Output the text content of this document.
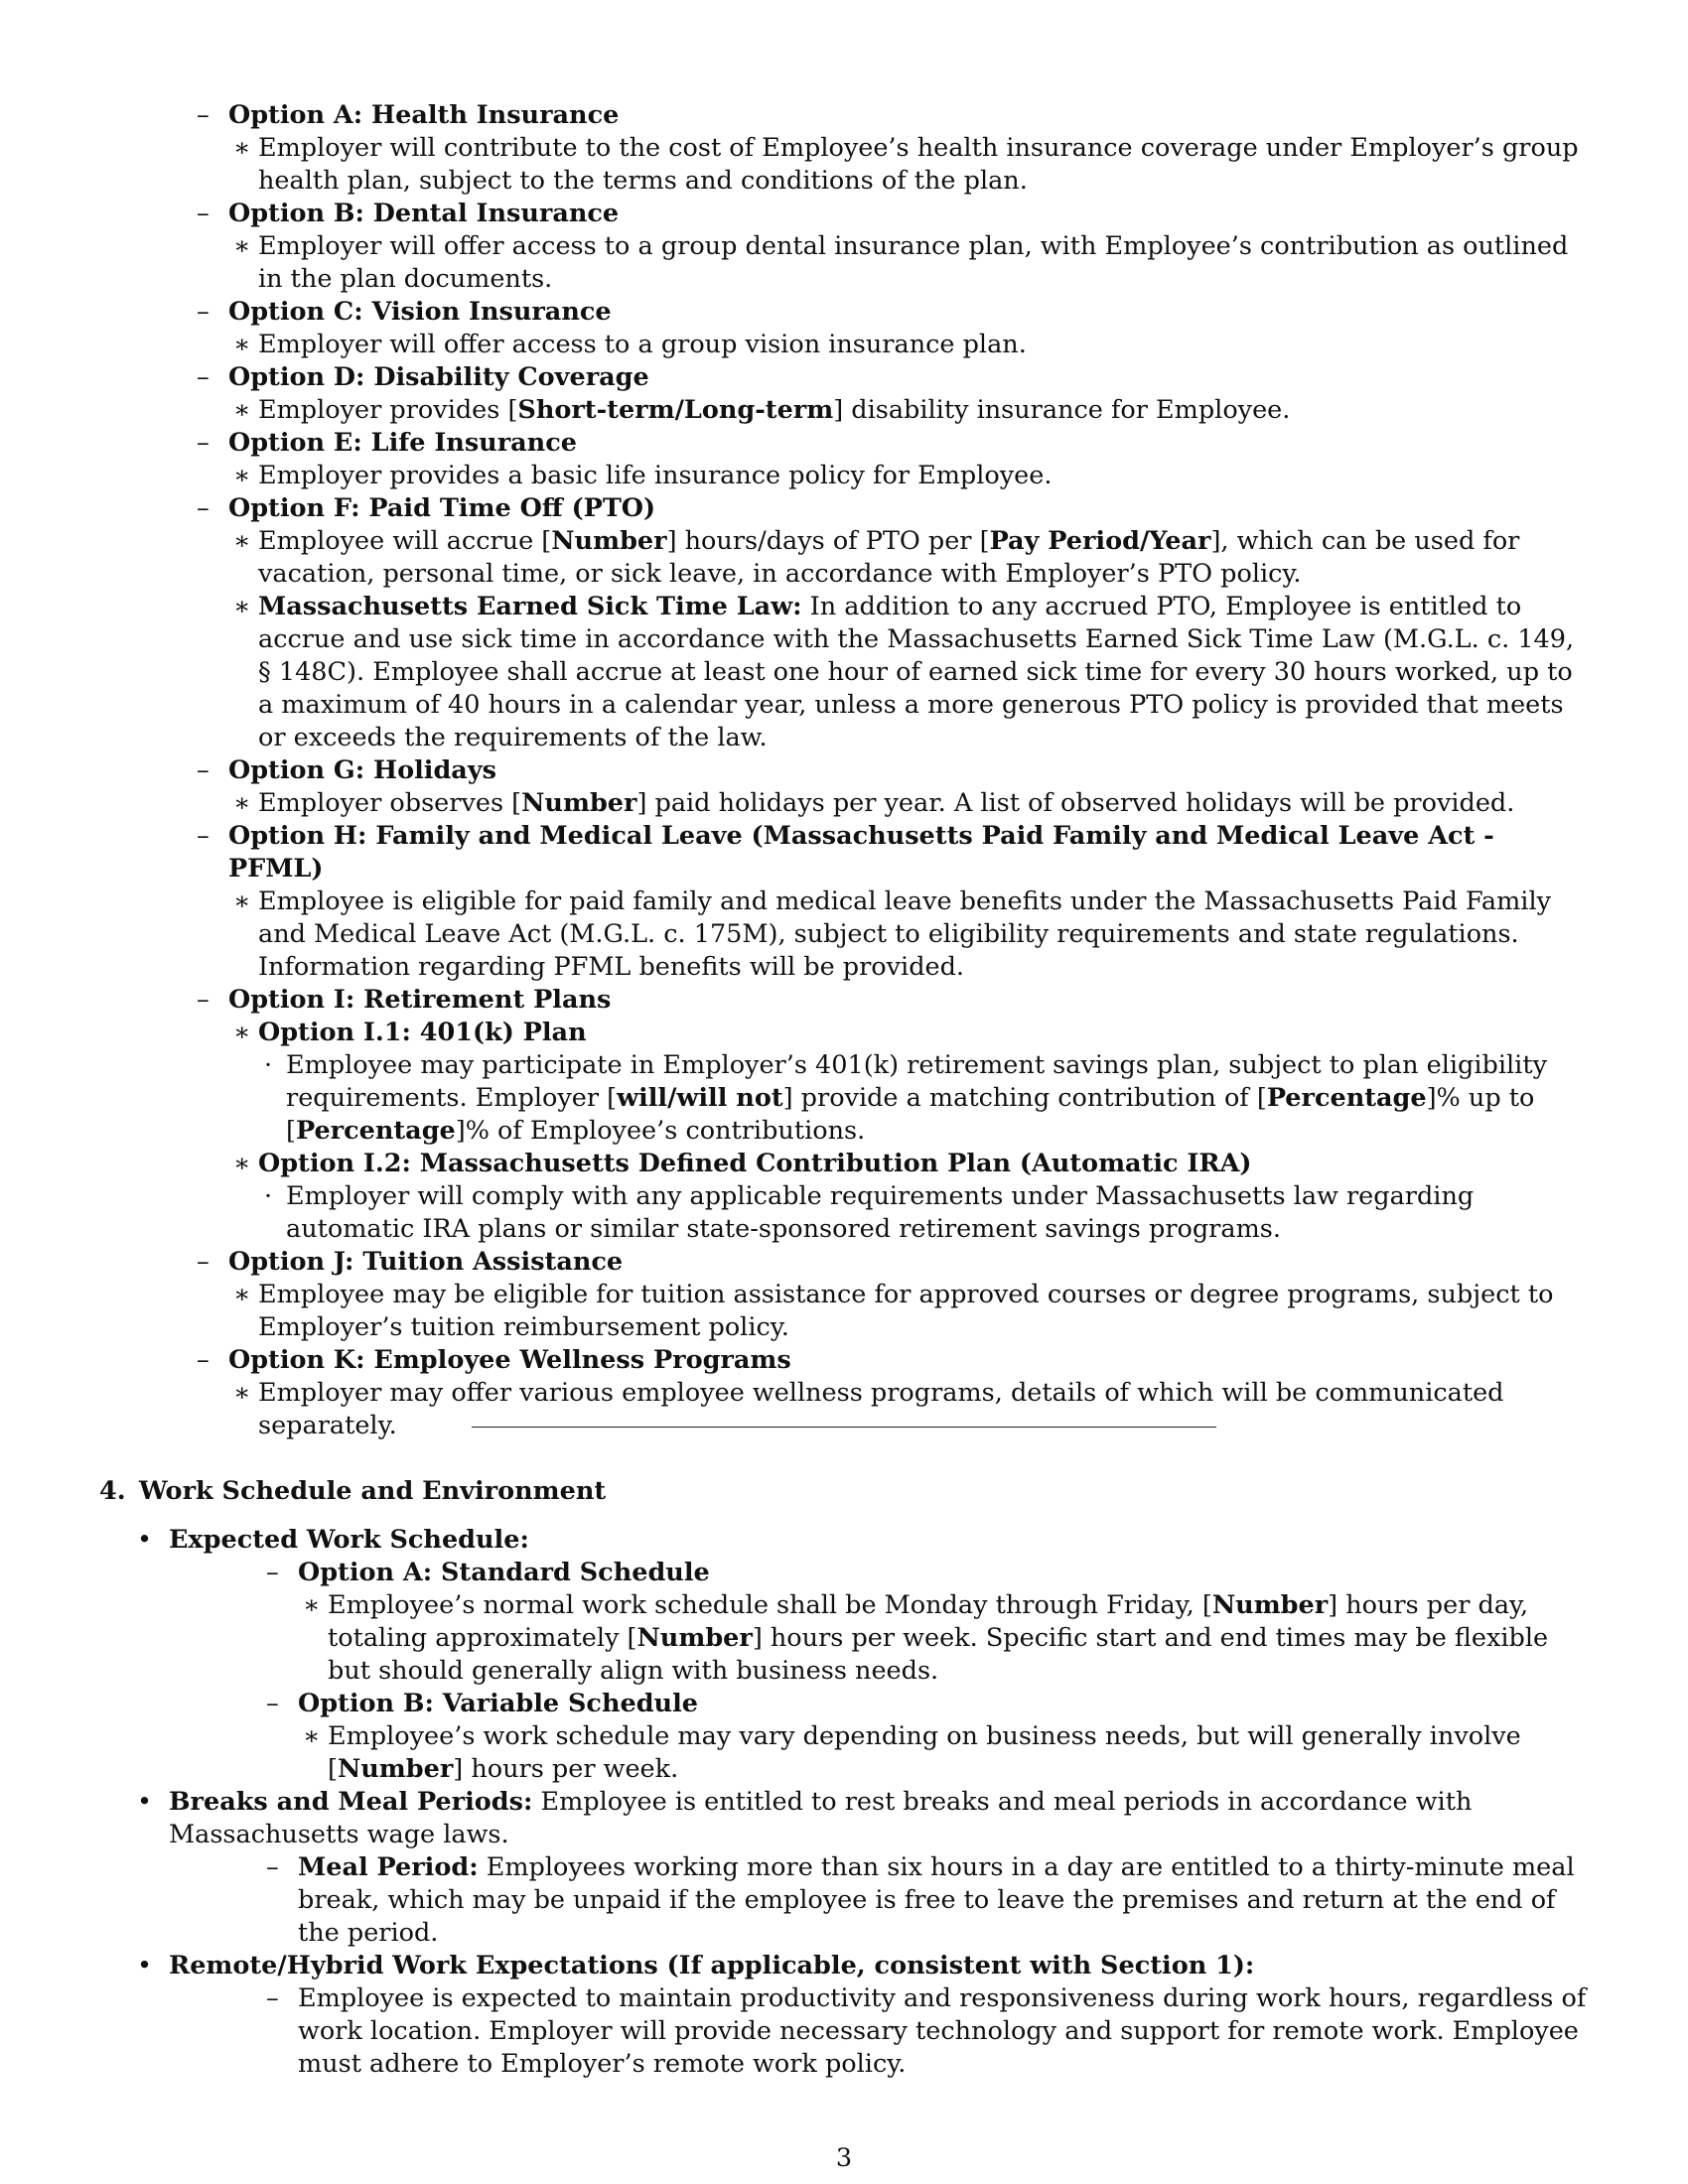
– Option A: Health Insurance
∗ Employer will contribute to the cost of Employee’s health insurance coverage under Employer’s group health plan, subject to the terms and conditions of the plan.
– Option B: Dental Insurance
∗ Employer will offer access to a group dental insurance plan, with Employee’s contribution as outlined in the plan documents.
– Option C: Vision Insurance
∗ Employer will offer access to a group vision insurance plan.
– Option D: Disability Coverage
∗ Employer provides [Short-term/Long-term] disability insurance for Employee.
– Option E: Life Insurance
∗ Employer provides a basic life insurance policy for Employee.
– Option F: Paid Time Off (PTO)
∗ Employee will accrue [Number] hours/days of PTO per [Pay Period/Year], which can be used for vacation, personal time, or sick leave, in accordance with Employer’s PTO policy.
∗ Massachusetts Earned Sick Time Law: In addition to any accrued PTO, Employee is entitled to accrue and use sick time in accordance with the Massachusetts Earned Sick Time Law (M.G.L. c. 149, § 148C). Employee shall accrue at least one hour of earned sick time for every 30 hours worked, up to a maximum of 40 hours in a calendar year, unless a more generous PTO policy is provided that meets or exceeds the requirements of the law.
– Option G: Holidays
∗ Employer observes [Number] paid holidays per year. A list of observed holidays will be provided.
– Option H: Family and Medical Leave (Massachusetts Paid Family and Medical Leave Act - PFML)
∗ Employee is eligible for paid family and medical leave benefits under the Massachusetts Paid Family and Medical Leave Act (M.G.L. c. 175M), subject to eligibility requirements and state regulations. Information regarding PFML benefits will be provided.
– Option I: Retirement Plans
∗ Option I.1: 401(k) Plan
· Employee may participate in Employer’s 401(k) retirement savings plan, subject to plan eligibility requirements. Employer [will/will not] provide a matching contribution of [Percentage]% up to [Percentage]% of Employee’s contributions.
∗ Option I.2: Massachusetts Defined Contribution Plan (Automatic IRA)
· Employer will comply with any applicable requirements under Massachusetts law regarding automatic IRA plans or similar state-sponsored retirement savings programs.
– Option J: Tuition Assistance
∗ Employee may be eligible for tuition assistance for approved courses or degree programs, subject to Employer’s tuition reimbursement policy.
– Option K: Employee Wellness Programs
∗ Employer may offer various employee wellness programs, details of which will be communicated separately.
4. Work Schedule and Environment
• Expected Work Schedule:
– Option A: Standard Schedule
∗ Employee’s normal work schedule shall be Monday through Friday, [Number] hours per day, totaling approximately [Number] hours per week. Specific start and end times may be flexible but should generally align with business needs.
– Option B: Variable Schedule
∗ Employee’s work schedule may vary depending on business needs, but will generally involve [Number] hours per week.
• Breaks and Meal Periods: Employee is entitled to rest breaks and meal periods in accordance with Massachusetts wage laws.
– Meal Period: Employees working more than six hours in a day are entitled to a thirty-minute meal break, which may be unpaid if the employee is free to leave the premises and return at the end of the period.
• Remote/Hybrid Work Expectations (If applicable, consistent with Section 1):
– Employee is expected to maintain productivity and responsiveness during work hours, regardless of work location. Employer will provide necessary technology and support for remote work. Employee must adhere to Employer’s remote work policy.
3
